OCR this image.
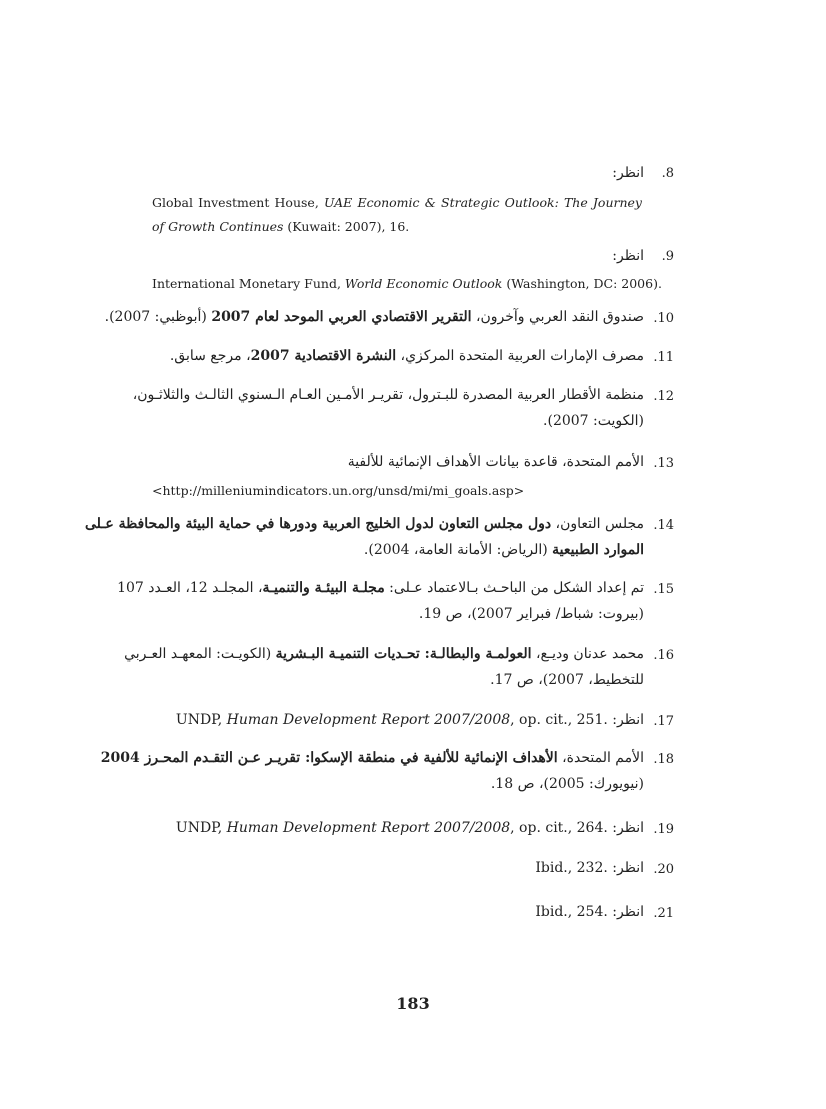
.8
انظر:
Global Investment House, UAE Economic & Strategic Outlook: The Journey of Growth Continues (Kuwait: 2007), 16.
.9
انظر:
International Monetary Fund, World Economic Outlook (Washington, DC: 2006).
.10
صندوق النقد العربي وآخرون، التقرير الاقتصادي العربي الموحد لعام 2007 (أبوظبي: 2007).
.11
مصرف الإمارات العربية المتحدة المركزي، النشرة الاقتصادية 2007، مرجع سابق.
.12
منظمة الأقطار العربية المصدرة للبـترول، تقريـر الأمـين العـام الـسنوي الثالـث والثلاثـون،
(الكويت: 2007).
.13
الأمم المتحدة، قاعدة بيانات الأهداف الإنمائية للألفية
<http://milleniumindicators.un.org/unsd/mi/mi_goals.asp>
.14
مجلس التعاون، دول مجلس التعاون لدول الخليج العربية ودورها في حماية البيئة والمحافظة عـلى
الموارد الطبيعية (الرياض: الأمانة العامة، 2004).
.15
تم إعداد الشكل من الباحـث بـالاعتماد عـلى: مجلـة البيئـة والتنميـة، المجلـد 12، العـدد 107
(بيروت: شباط/ فبراير 2007)، ص 19.
.16
محمد عدنان وديـع، العولمـة والبطالـة: تحـديات التنميـة البـشرية (الكويـت: المعهـد العـربي
للتخطيط، 2007)، ص 17.
.17
انظر: UNDP, Human Development Report 2007/2008, op. cit., 251.
.18
الأمم المتحدة، الأهداف الإنمائية للألفية في منطقة الإسكوا: تقريـر عـن التقـدم المحـرز 2004
(نيويورك: 2005)، ص 18.
.19
انظر: UNDP, Human Development Report 2007/2008, op. cit., 264.
.20
انظر: Ibid., 232.
.21
انظر: Ibid., 254.
183
